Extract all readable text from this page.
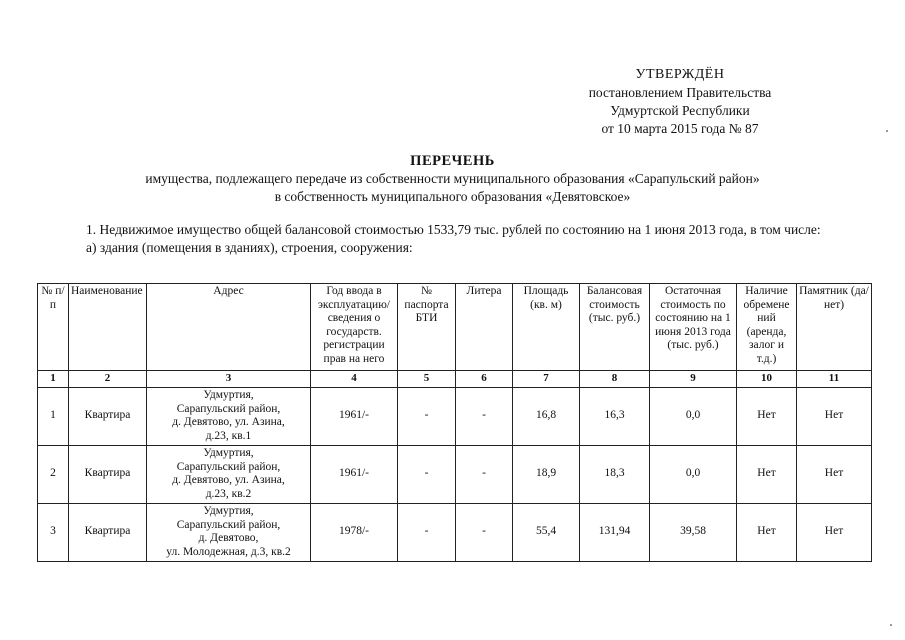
УТВЕРЖДЁН
постановлением Правительства
Удмуртской Республики
от 10 марта 2015 года № 87
ПЕРЕЧЕНЬ
имущества, подлежащего передаче из собственности муниципального образования «Сарапульский район»
в собственность муниципального образования «Девятовское»

1. Недвижимое имущество общей балансовой стоимостью 1533,79 тыс. рублей по состоянию на 1 июня 2013 года, в том числе:

а) здания (помещения в зданиях), строения, сооружения:

№ п/п	Наименование	Адрес	Год ввода в эксплуатацию/ сведения о государств. регистрации прав на него	№ паспорта БТИ	Литера	Площадь (кв. м)	Балансовая стоимость (тыс. руб.)	Остаточная стоимость по состоянию на 1 июня 2013 года (тыс. руб.)	Наличие обремене ний (аренда, залог и т.д.)	Памятник (да/нет)
1	2	3	4	5	6	7	8	9	10	11
1	Квартира	Удмуртия,
Сарапульский район,
д. Девятово, ул. Азина,
д.23, кв.1	1961/-	-	-	16,8	16,3	0,0	Нет	Нет
2	Квартира	Удмуртия,
Сарапульский район,
д. Девятово, ул. Азина,
д.23, кв.2	1961/-	-	-	18,9	18,3	0,0	Нет	Нет
3	Квартира	Удмуртия,
Сарапульский район,
д. Девятово,
ул. Молодежная, д.3, кв.2	1978/-	-	-	55,4	131,94	39,58	Нет	Нет
